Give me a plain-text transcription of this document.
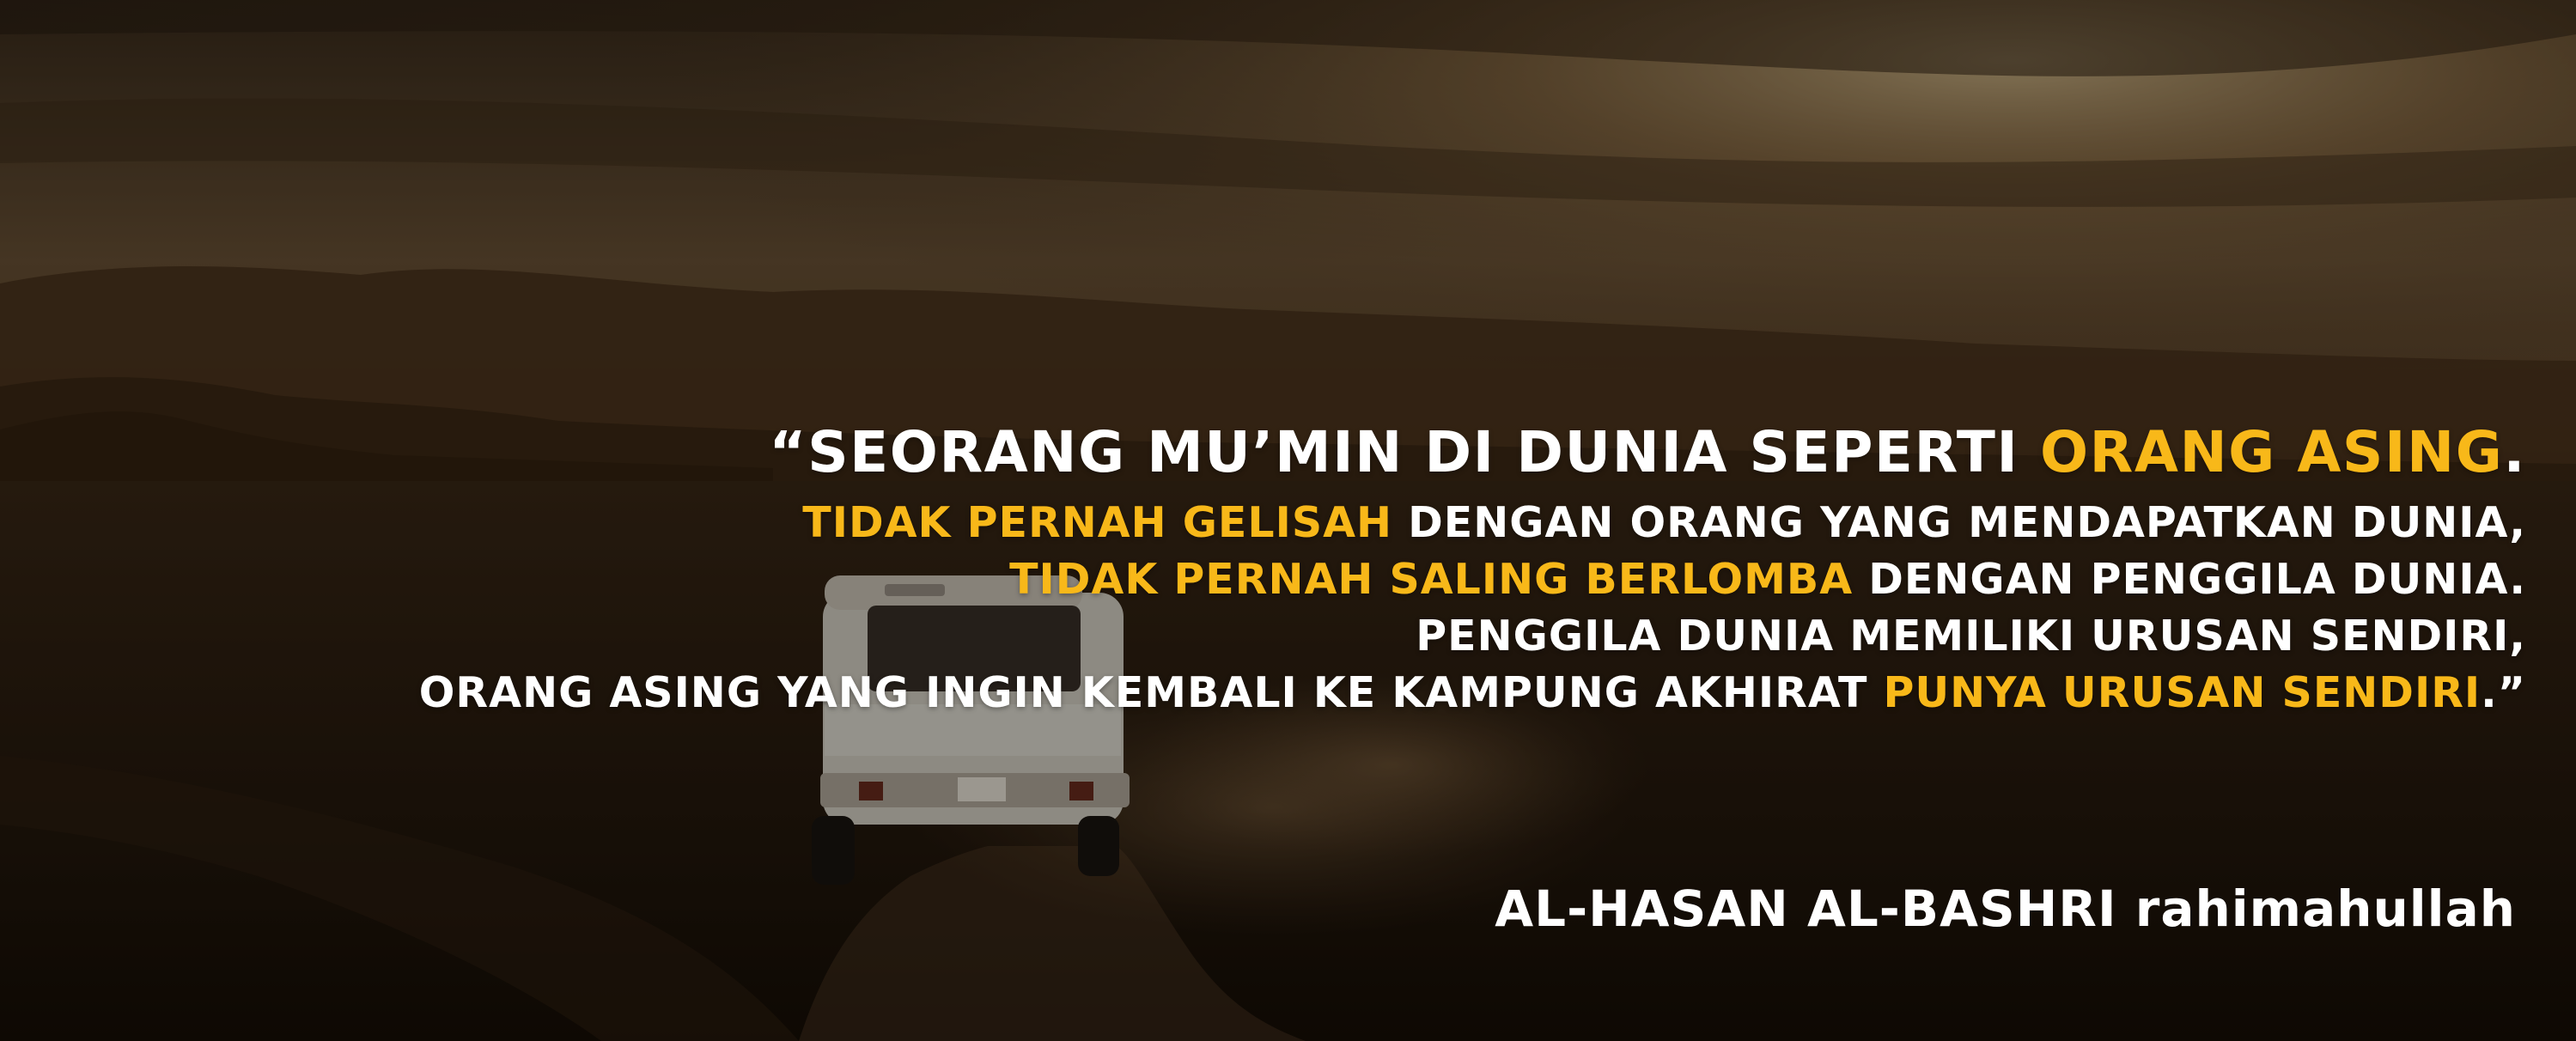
“SEORANG MU’MIN DI DUNIA SEPERTI ORANG ASING.
TIDAK PERNAH GELISAH DENGAN ORANG YANG MENDAPATKAN DUNIA,
TIDAK PERNAH SALING BERLOMBA DENGAN PENGGILA DUNIA.
PENGGILA DUNIA MEMILIKI URUSAN SENDIRI,
ORANG ASING YANG INGIN KEMBALI KE KAMPUNG AKHIRAT PUNYA URUSAN SENDIRI.”
AL-HASAN AL-BASHRI rahimahullah
